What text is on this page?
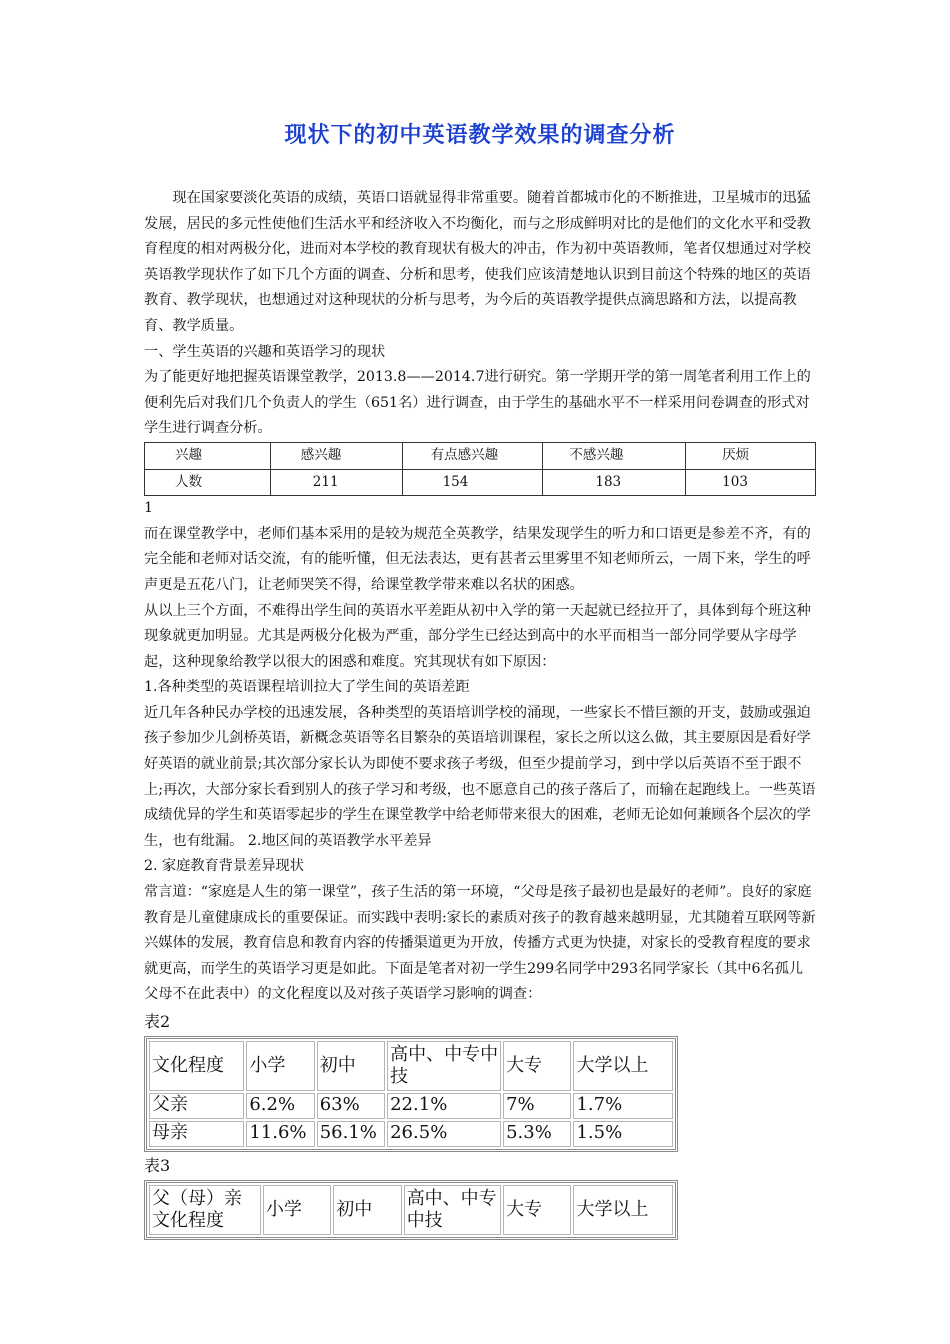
现状下的初中英语教学效果的调查分析

现在国家要淡化英语的成绩，英语口语就显得非常重要。随着首都城市化的不断推进，卫星城市的迅猛发展，居民的多元性使他们生活水平和经济收入不均衡化，而与之形成鲜明对比的是他们的文化水平和受教育程度的相对两极分化，进而对本学校的教育现状有极大的冲击，作为初中英语教师，笔者仅想通过对学校英语教学现状作了如下几个方面的调查、分析和思考，使我们应该清楚地认识到目前这个特殊的地区的英语教育、教学现状，也想通过对这种现状的分析与思考，为今后的英语教学提供点滴思路和方法，以提高教育、教学质量。

一、学生英语的兴趣和英语学习的现状

为了能更好地把握英语课堂教学，2013.8——2014.7进行研究。第一学期开学的第一周笔者利用工作上的便利先后对我们几个负责人的学生（651名）进行调查，由于学生的基础水平不一样采用问卷调查的形式对学生进行调查分析。

兴趣	感兴趣	有点感兴趣	不感兴趣	厌烦
人数	211	154	183	103

1

而在课堂教学中，老师们基本采用的是较为规范全英教学，结果发现学生的听力和口语更是参差不齐，有的完全能和老师对话交流，有的能听懂，但无法表达，更有甚者云里雾里不知老师所云，一周下来，学生的呼声更是五花八门，让老师哭笑不得，给课堂教学带来难以名状的困惑。

从以上三个方面，不难得出学生间的英语水平差距从初中入学的第一天起就已经拉开了，具体到每个班这种现象就更加明显。尤其是两极分化极为严重，部分学生已经达到高中的水平而相当一部分同学要从字母学起，这种现象给教学以很大的困惑和难度。究其现状有如下原因：

1.各种类型的英语课程培训拉大了学生间的英语差距

近几年各种民办学校的迅速发展，各种类型的英语培训学校的涌现，一些家长不惜巨额的开支，鼓励或强迫孩子参加少儿剑桥英语，新概念英语等名目繁杂的英语培训课程，家长之所以这么做，其主要原因是看好学好英语的就业前景;其次部分家长认为即使不要求孩子考级，但至少提前学习，到中学以后英语不至于跟不上;再次，大部分家长看到别人的孩子学习和考级，也不愿意自己的孩子落后了，而输在起跑线上。一些英语成绩优异的学生和英语零起步的学生在课堂教学中给老师带来很大的困难，老师无论如何兼顾各个层次的学生，也有纰漏。 2.地区间的英语教学水平差异

2. 家庭教育背景差异现状

常言道：“家庭是人生的第一课堂”，孩子生活的第一环境，“父母是孩子最初也是最好的老师”。良好的家庭教育是儿童健康成长的重要保证。而实践中表明:家长的素质对孩子的教育越来越明显，尤其随着互联网等新兴媒体的发展，教育信息和教育内容的传播渠道更为开放，传播方式更为快捷，对家长的受教育程度的要求就更高，而学生的英语学习更是如此。下面是笔者对初一学生299名同学中293名同学家长（其中6名孤儿父母不在此表中）的文化程度以及对孩子英语学习影响的调查：

表2

文化程度	小学	初中	高中、中专中技	大专	大学以上
父亲	6.2%	63%	22.1%	7%	1.7%
母亲	11.6%	56.1%	26.5%	5.3%	1.5%

表3

父（母）亲文化程度	小学	初中	高中、中专中技	大专	大学以上
